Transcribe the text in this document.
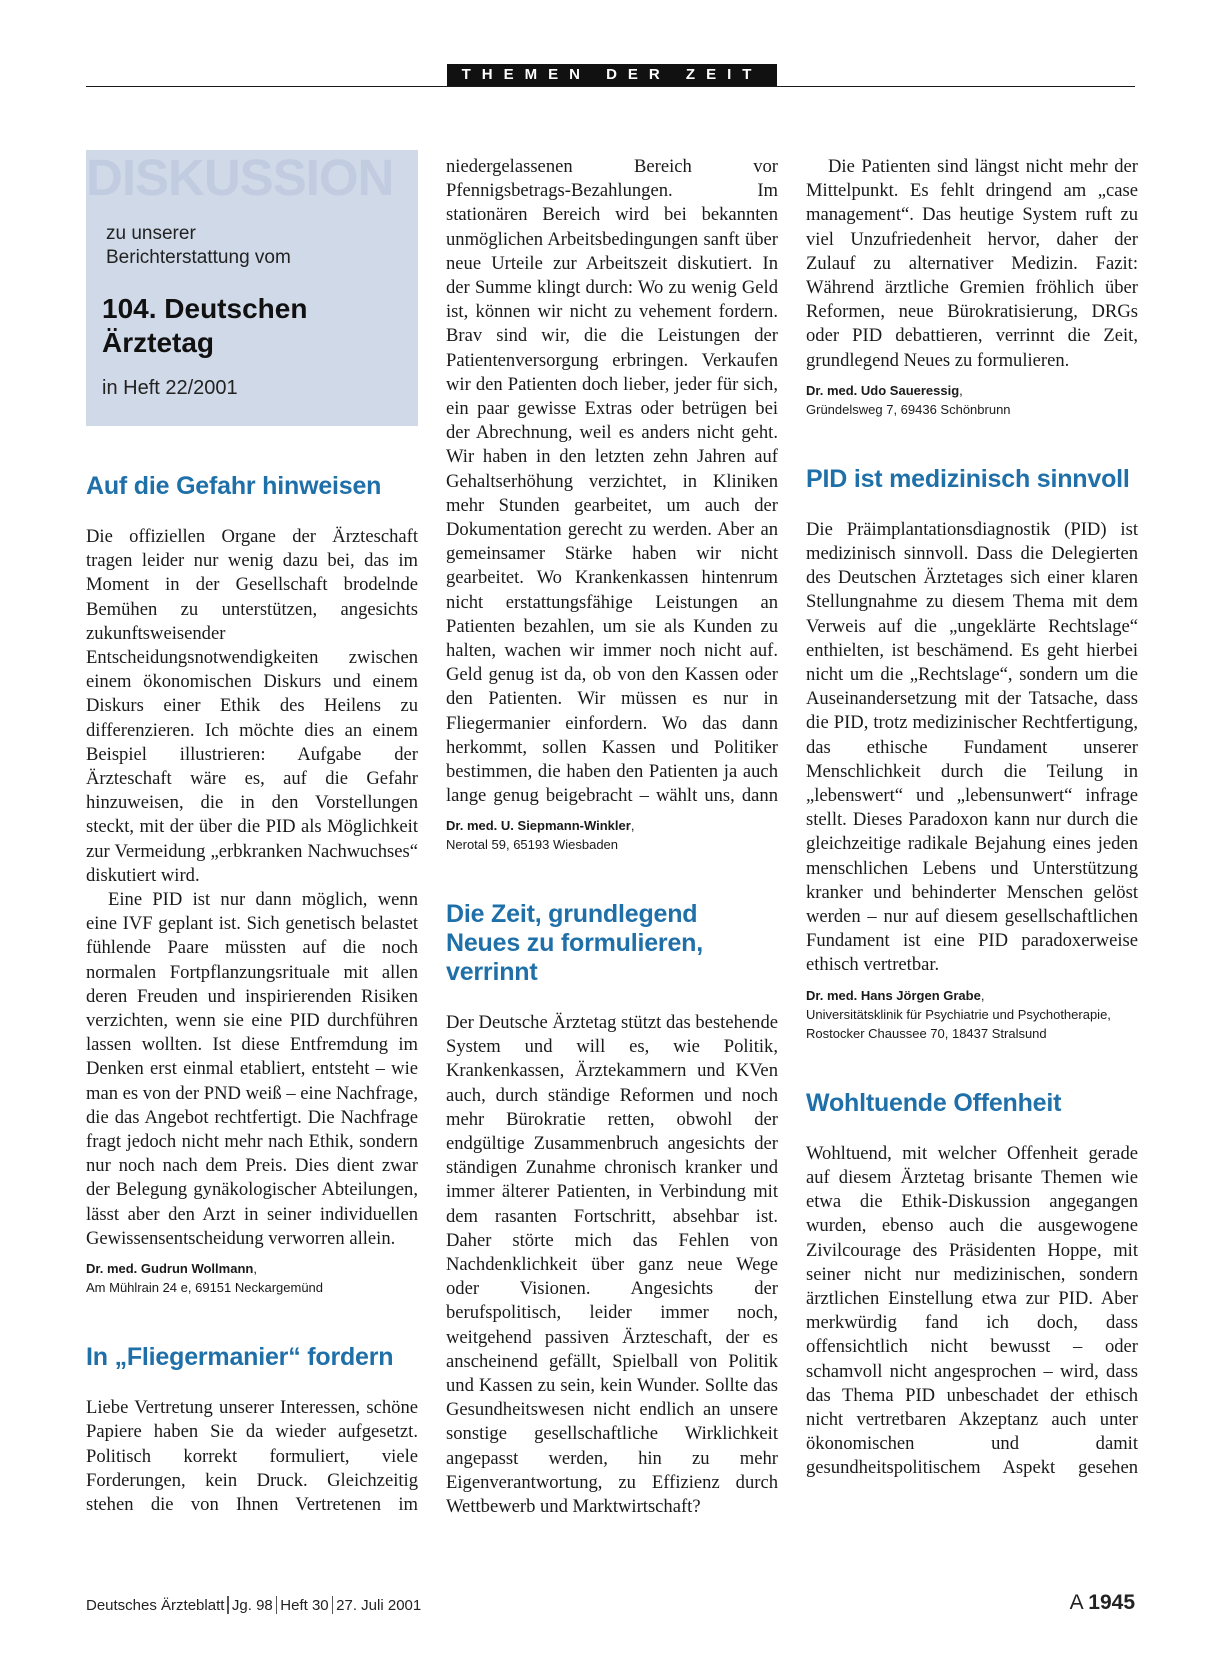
THEMEN DER ZEIT
DISKUSSION
zu unserer
Berichterstattung vom
104. Deutschen
Ärztetag
in Heft 22/2001
Auf die Gefahr hinweisen

Die offiziellen Organe der Ärzteschaft tragen leider nur wenig dazu bei, das im Moment in der Gesellschaft brodelnde Bemühen zu unterstützen, angesichts zukunftsweisender Entscheidungsnotwendigkeiten zwischen einem ökonomischen Diskurs und einem Diskurs einer Ethik des Heilens zu differenzieren. Ich möchte dies an einem Beispiel illustrieren: Aufgabe der Ärzteschaft wäre es, auf die Gefahr hinzuweisen, die in den Vorstellungen steckt, mit der über die PID als Möglichkeit zur Vermeidung „erbkranken Nachwuchses“ diskutiert wird.

Eine PID ist nur dann möglich, wenn eine IVF geplant ist. Sich genetisch belastet fühlende Paare müssten auf die noch normalen Fortpflanzungsrituale mit allen deren Freuden und inspirierenden Risiken verzichten, wenn sie eine PID durchführen lassen wollten. Ist diese Entfremdung im Denken erst einmal etabliert, entsteht – wie man es von der PND weiß – eine Nachfrage, die das Angebot rechtfertigt. Die Nachfrage fragt jedoch nicht mehr nach Ethik, sondern nur noch nach dem Preis. Dies dient zwar der Belegung gynäkologischer Abteilungen, lässt aber den Arzt in seiner individuellen Gewissensentscheidung verworren allein.

Dr. med. Gudrun Wollmann,
Am Mühlrain 24 e, 69151 Neckargemünd
In „Fliegermanier“ fordern

Liebe Vertretung unserer Interessen, schöne Papiere haben Sie da wieder aufgesetzt. Politisch korrekt formuliert, viele Forderungen, kein Druck. Gleichzeitig stehen die von Ihnen Vertretenen im

niedergelassenen Bereich vor Pfennigsbetrags-Bezahlungen. Im stationären Bereich wird bei bekannten unmöglichen Arbeitsbedingungen sanft über neue Urteile zur Arbeitszeit diskutiert. In der Summe klingt durch: Wo zu wenig Geld ist, können wir nicht zu vehement fordern. Brav sind wir, die die Leistungen der Patientenversorgung erbringen. Verkaufen wir den Patienten doch lieber, jeder für sich, ein paar gewisse Extras oder betrügen bei der Abrechnung, weil es anders nicht geht. Wir haben in den letzten zehn Jahren auf Gehaltserhöhung verzichtet, in Kliniken mehr Stunden gearbeitet, um auch der Dokumentation gerecht zu werden. Aber an gemeinsamer Stärke haben wir nicht gearbeitet. Wo Krankenkassen hintenrum nicht erstattungsfähige Leistungen an Patienten bezahlen, um sie als Kunden zu halten, wachen wir immer noch nicht auf. Geld genug ist da, ob von den Kassen oder den Patienten. Wir müssen es nur in Fliegermanier einfordern. Wo das dann herkommt, sollen Kassen und Politiker bestimmen, die haben den Patienten ja auch lange genug beigebracht – wählt uns, dann

Dr. med. U. Siepmann-Winkler,
Nerotal 59, 65193 Wiesbaden
Die Zeit, grundlegend Neues zu formulieren, verrinnt

Der Deutsche Ärztetag stützt das bestehende System und will es, wie Politik, Krankenkassen, Ärztekammern und KVen auch, durch ständige Reformen und noch mehr Bürokratie retten, obwohl der endgültige Zusammenbruch angesichts der ständigen Zunahme chronisch kranker und immer älterer Patienten, in Verbindung mit dem rasanten Fortschritt, absehbar ist. Daher störte mich das Fehlen von Nachdenklichkeit über ganz neue Wege oder Visionen. Angesichts der berufspolitisch, leider immer noch, weitgehend passiven Ärzteschaft, der es anscheinend gefällt, Spielball von Politik und Kassen zu sein, kein Wunder. Sollte das Gesundheitswesen nicht endlich an unsere sonstige gesellschaftliche Wirklichkeit angepasst werden, hin zu mehr Eigenverantwortung, zu Effizienz durch Wettbewerb und Marktwirtschaft?

Die Patienten sind längst nicht mehr der Mittelpunkt. Es fehlt dringend am „case management“. Das heutige System ruft zu viel Unzufriedenheit hervor, daher der Zulauf zu alternativer Medizin. Fazit: Während ärztliche Gremien fröhlich über Reformen, neue Bürokratisierung, DRGs oder PID debattieren, verrinnt die Zeit, grundlegend Neues zu formulieren.

Dr. med. Udo Saueressig,
Gründelsweg 7, 69436 Schönbrunn
PID ist medizinisch sinnvoll

Die Präimplantationsdiagnostik (PID) ist medizinisch sinnvoll. Dass die Delegierten des Deutschen Ärztetages sich einer klaren Stellungnahme zu diesem Thema mit dem Verweis auf die „ungeklärte Rechtslage“ enthielten, ist beschämend. Es geht hierbei nicht um die „Rechtslage“, sondern um die Auseinandersetzung mit der Tatsache, dass die PID, trotz medizinischer Rechtfertigung, das ethische Fundament unserer Menschlichkeit durch die Teilung in „lebenswert“ und „lebensunwert“ infrage stellt. Dieses Paradoxon kann nur durch die gleichzeitige radikale Bejahung eines jeden menschlichen Lebens und Unterstützung kranker und behinderter Menschen gelöst werden – nur auf diesem gesellschaftlichen Fundament ist eine PID paradoxerweise ethisch vertretbar.

Dr. med. Hans Jörgen Grabe,
Universitätsklinik für Psychiatrie und Psychotherapie,
Rostocker Chaussee 70, 18437 Stralsund
Wohltuende Offenheit

Wohltuend, mit welcher Offenheit gerade auf diesem Ärztetag brisante Themen wie etwa die Ethik-Diskussion angegangen wurden, ebenso auch die ausgewogene Zivilcourage des Präsidenten Hoppe, mit seiner nicht nur medizinischen, sondern ärztlichen Einstellung etwa zur PID. Aber merkwürdig fand ich doch, dass offensichtlich nicht bewusst – oder schamvoll nicht angesprochen – wird, dass das Thema PID unbeschadet der ethisch nicht vertretbaren Akzeptanz auch unter ökonomischen und damit gesundheitspolitischem Aspekt gesehen

Deutsches Ärzteblatt Jg. 98 Heft 30 27. Juli 2001	A 1945
